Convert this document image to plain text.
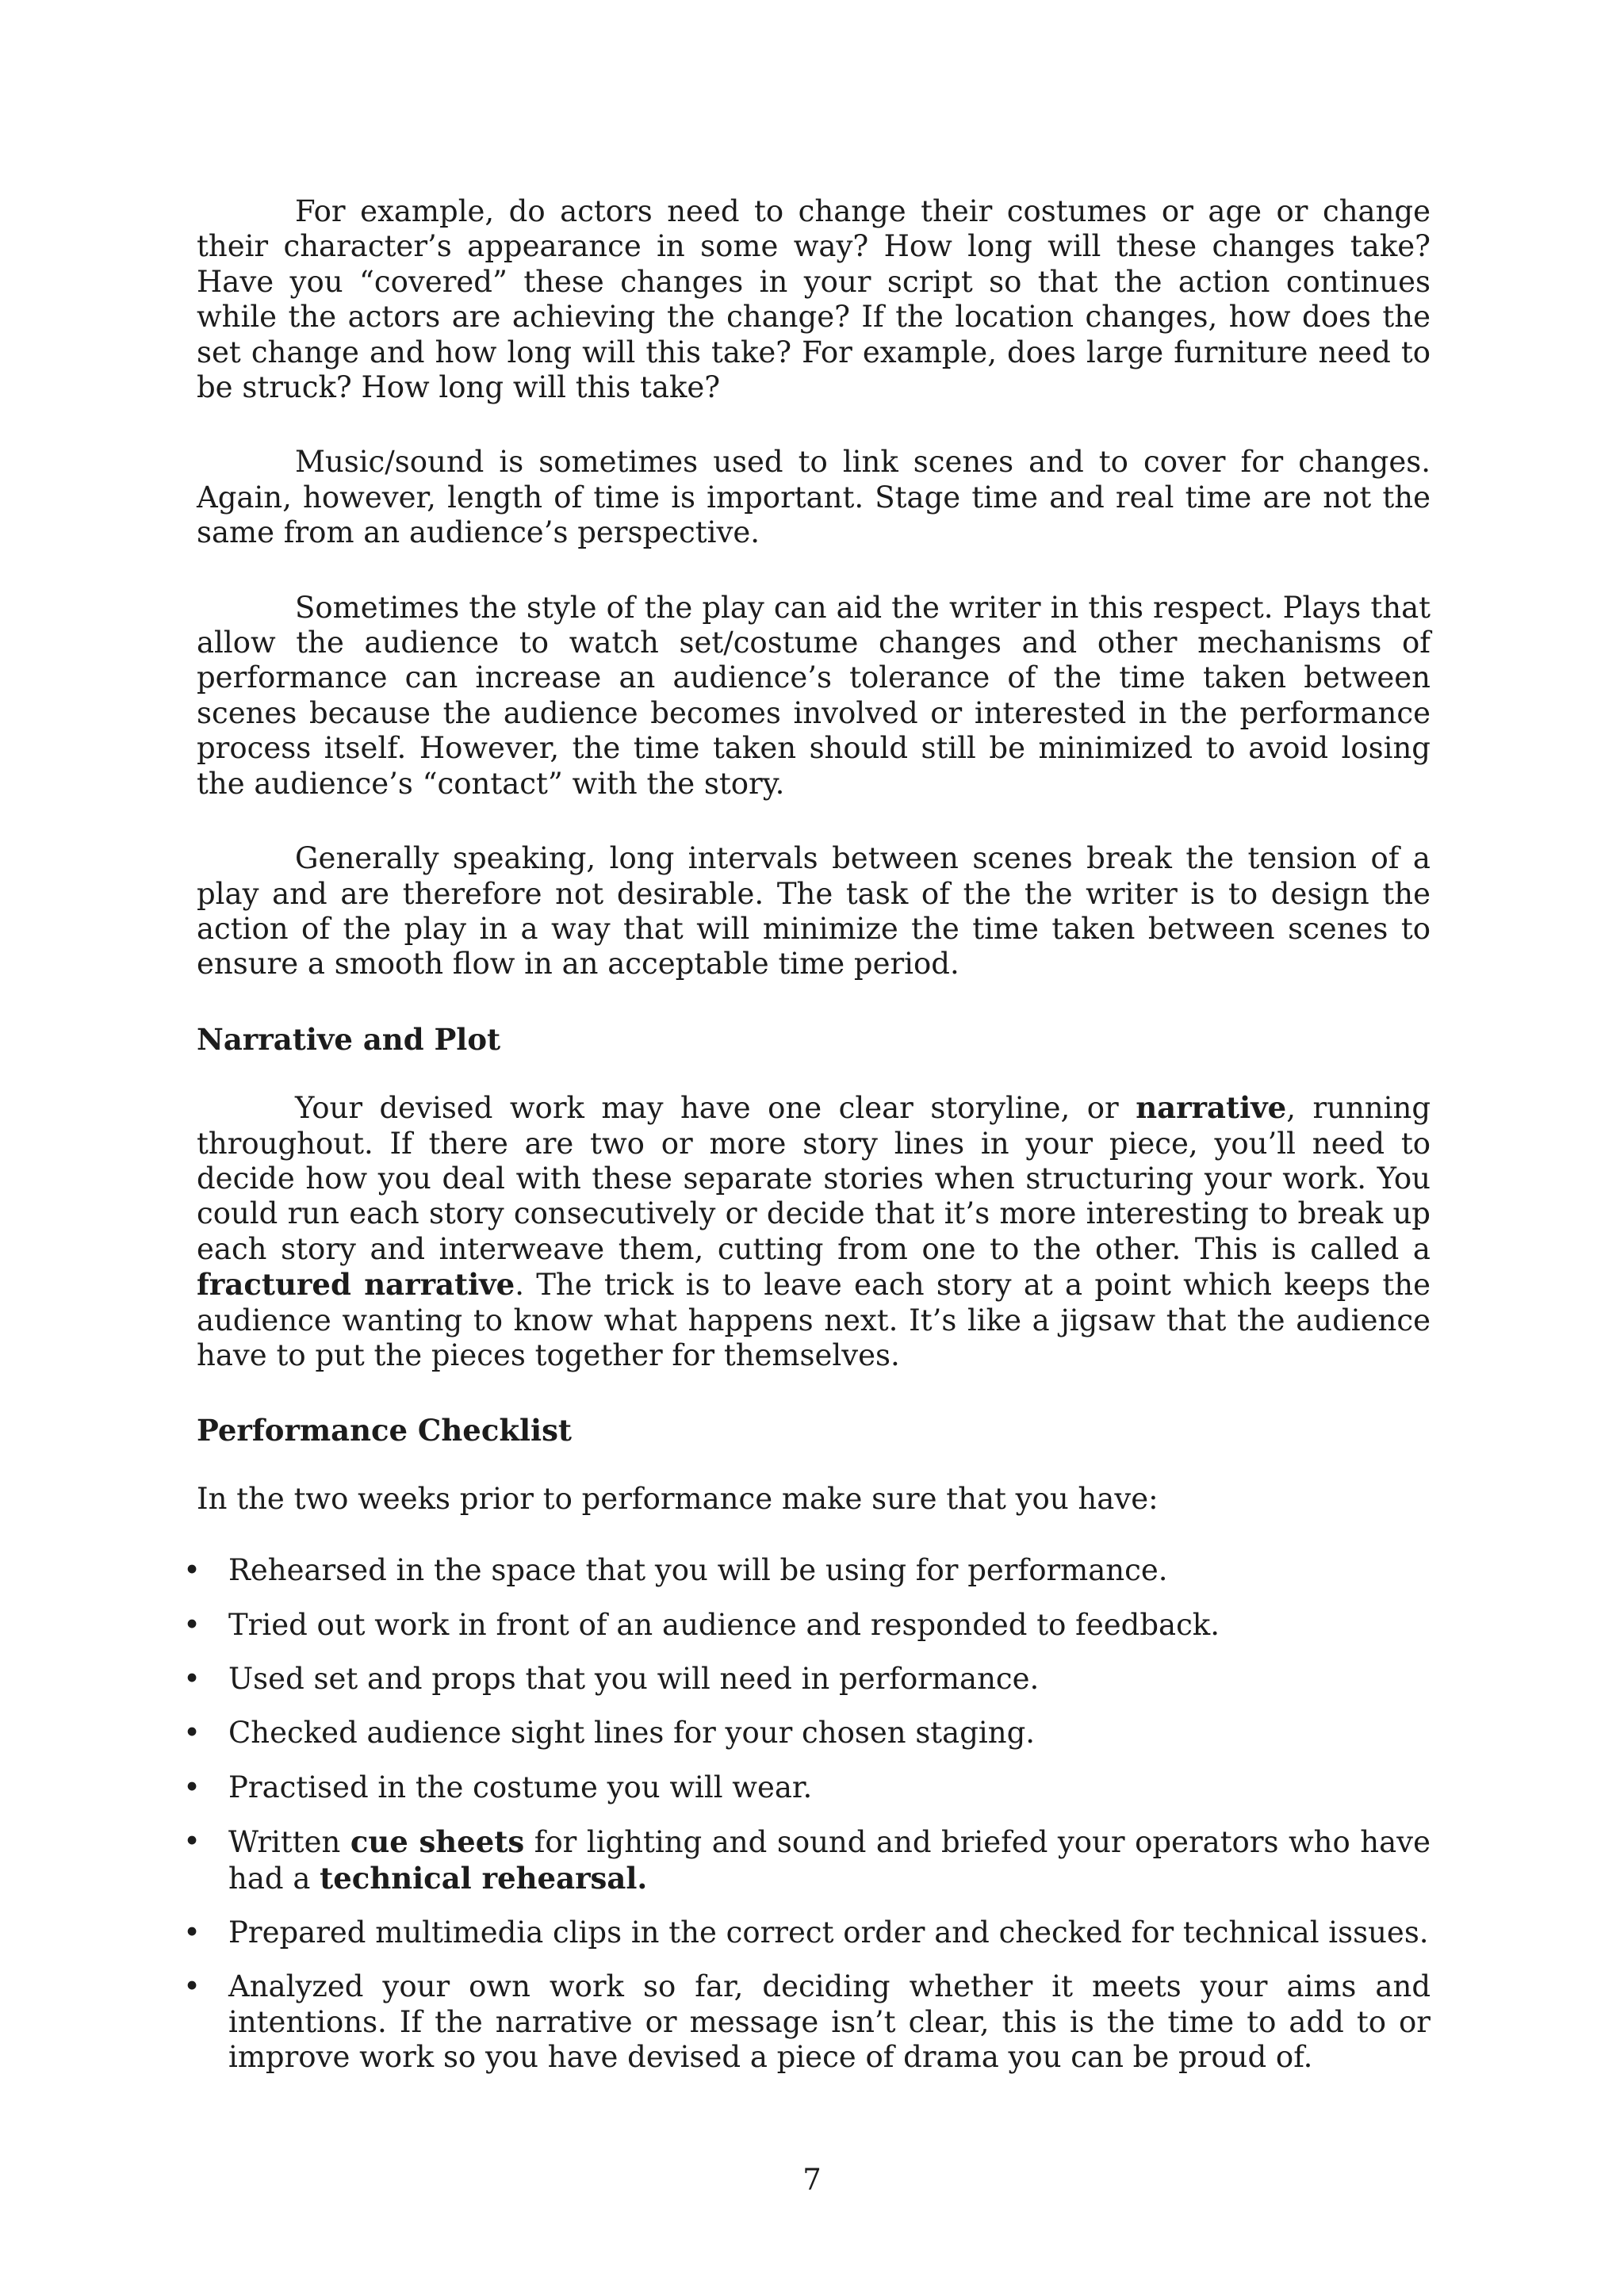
For example, do actors need to change their costumes or age or change their character’s appearance in some way? How long will these changes take? Have you “covered” these changes in your script so that the action continues while the actors are achieving the change? If the location changes, how does the set change and how long will this take? For example, does large furniture need to be struck? How long will this take?

Music/sound is sometimes used to link scenes and to cover for changes. Again, however, length of time is important. Stage time and real time are not the same from an audience’s perspective.

Sometimes the style of the play can aid the writer in this respect. Plays that allow the audience to watch set/costume changes and other mechanisms of performance can increase an audience’s tolerance of the time taken between scenes because the audience becomes involved or interested in the performance process itself. However, the time taken should still be minimized to avoid losing the audience’s “contact” with the story.

Generally speaking, long intervals between scenes break the tension of a play and are therefore not desirable. The task of the the writer is to design the action of the play in a way that will minimize the time taken between scenes to ensure a smooth flow in an acceptable time period.

Narrative and Plot

Your devised work may have one clear storyline, or narrative, running throughout. If there are two or more story lines in your piece, you’ll need to decide how you deal with these separate stories when structuring your work. You could run each story consecutively or decide that it’s more interesting to break up each story and interweave them, cutting from one to the other. This is called a fractured narrative. The trick is to leave each story at a point which keeps the audience wanting to know what happens next. It’s like a jigsaw that the audience have to put the pieces together for themselves.

Performance Checklist

In the two weeks prior to performance make sure that you have:

• Rehearsed in the space that you will be using for performance.
• Tried out work in front of an audience and responded to feedback.
• Used set and props that you will need in performance.
• Checked audience sight lines for your chosen staging.
• Practised in the costume you will wear.
• Written cue sheets for lighting and sound and briefed your operators who have had a technical rehearsal.
• Prepared multimedia clips in the correct order and checked for technical issues.
• Analyzed your own work so far, deciding whether it meets your aims and intentions. If the narrative or message isn’t clear, this is the time to add to or improve work so you have devised a piece of drama you can be proud of.
7
